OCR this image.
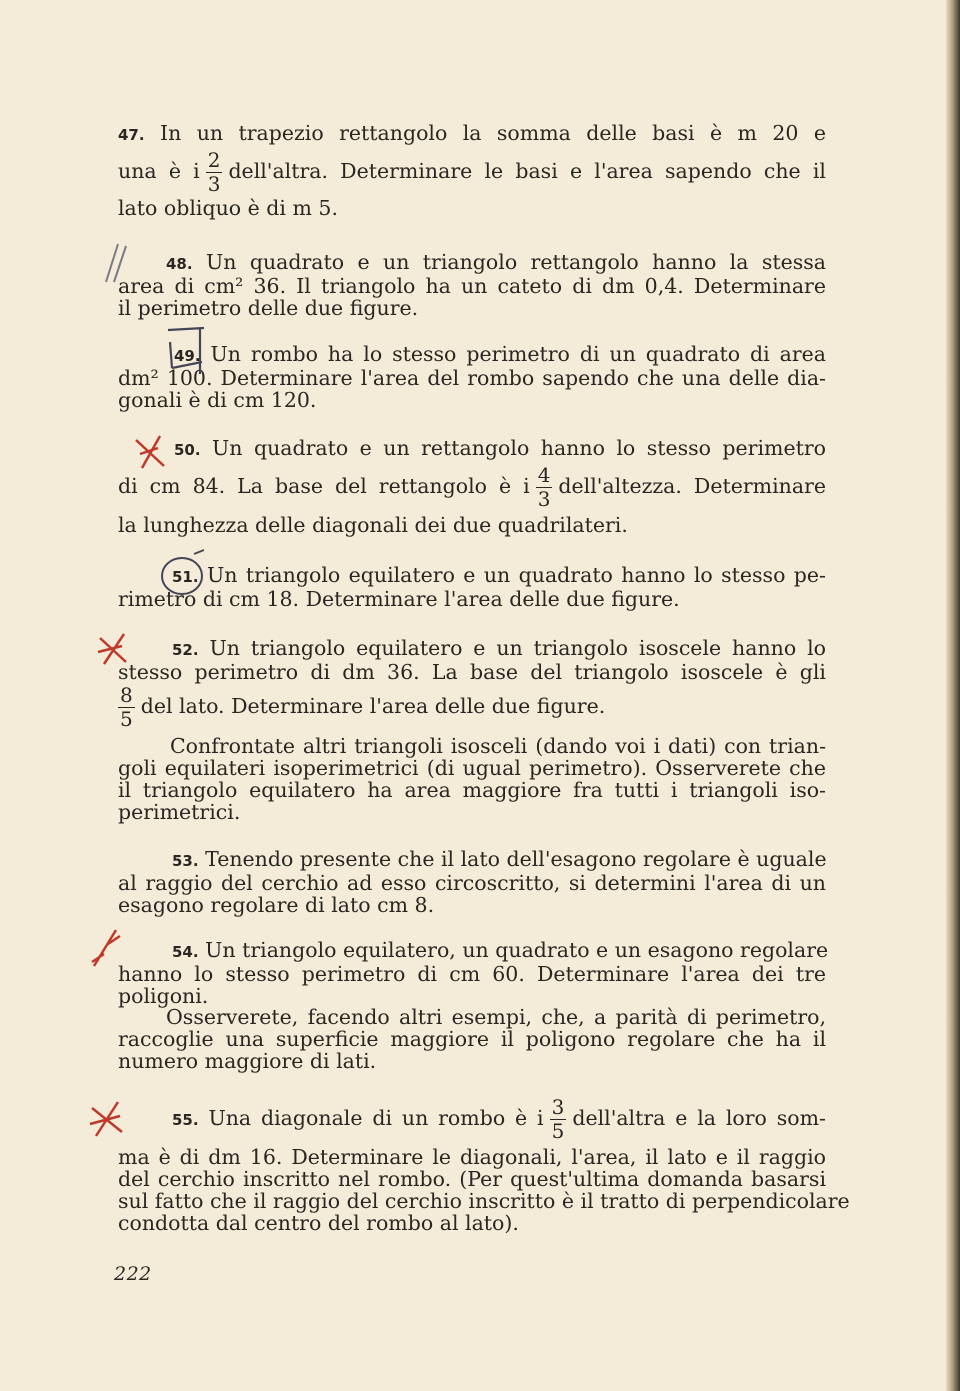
47. In un trapezio rettangolo la somma delle basi è m 20 e
una è i $\frac{2}{3}$ dell'altra. Determinare le basi e l'area sapendo che il
lato obliquo è di m 5.
48. Un quadrato e un triangolo rettangolo hanno la stessa
area di cm² 36. Il triangolo ha un cateto di dm 0,4. Determinare
il perimetro delle due figure.
49. Un rombo ha lo stesso perimetro di un quadrato di area
dm² 100. Determinare l'area del rombo sapendo che una delle dia-
gonali è di cm 120.
50. Un quadrato e un rettangolo hanno lo stesso perimetro
di cm 84. La base del rettangolo è i $\frac{4}{3}$ dell'altezza. Determinare
la lunghezza delle diagonali dei due quadrilateri.
51. Un triangolo equilatero e un quadrato hanno lo stesso pe-
rimetro di cm 18. Determinare l'area delle due figure.
52. Un triangolo equilatero e un triangolo isoscele hanno lo
stesso perimetro di dm 36. La base del triangolo isoscele è gli
$\frac{8}{5}$ del lato. Determinare l'area delle due figure.
Confrontate altri triangoli isosceli (dando voi i dati) con trian-
goli equilateri isoperimetrici (di ugual perimetro). Osserverete che
il triangolo equilatero ha area maggiore fra tutti i triangoli iso-
perimetrici.
53. Tenendo presente che il lato dell'esagono regolare è uguale
al raggio del cerchio ad esso circoscritto, si determini l'area di un
esagono regolare di lato cm 8.
54. Un triangolo equilatero, un quadrato e un esagono regolare
hanno lo stesso perimetro di cm 60. Determinare l'area dei tre
poligoni.
Osserverete, facendo altri esempi, che, a parità di perimetro,
raccoglie una superficie maggiore il poligono regolare che ha il
numero maggiore di lati.
55. Una diagonale di un rombo è i $\frac{3}{5}$ dell'altra e la loro som-
ma è di dm 16. Determinare le diagonali, l'area, il lato e il raggio
del cerchio inscritto nel rombo. (Per quest'ultima domanda basarsi
sul fatto che il raggio del cerchio inscritto è il tratto di perpendicolare
condotta dal centro del rombo al lato).
222
